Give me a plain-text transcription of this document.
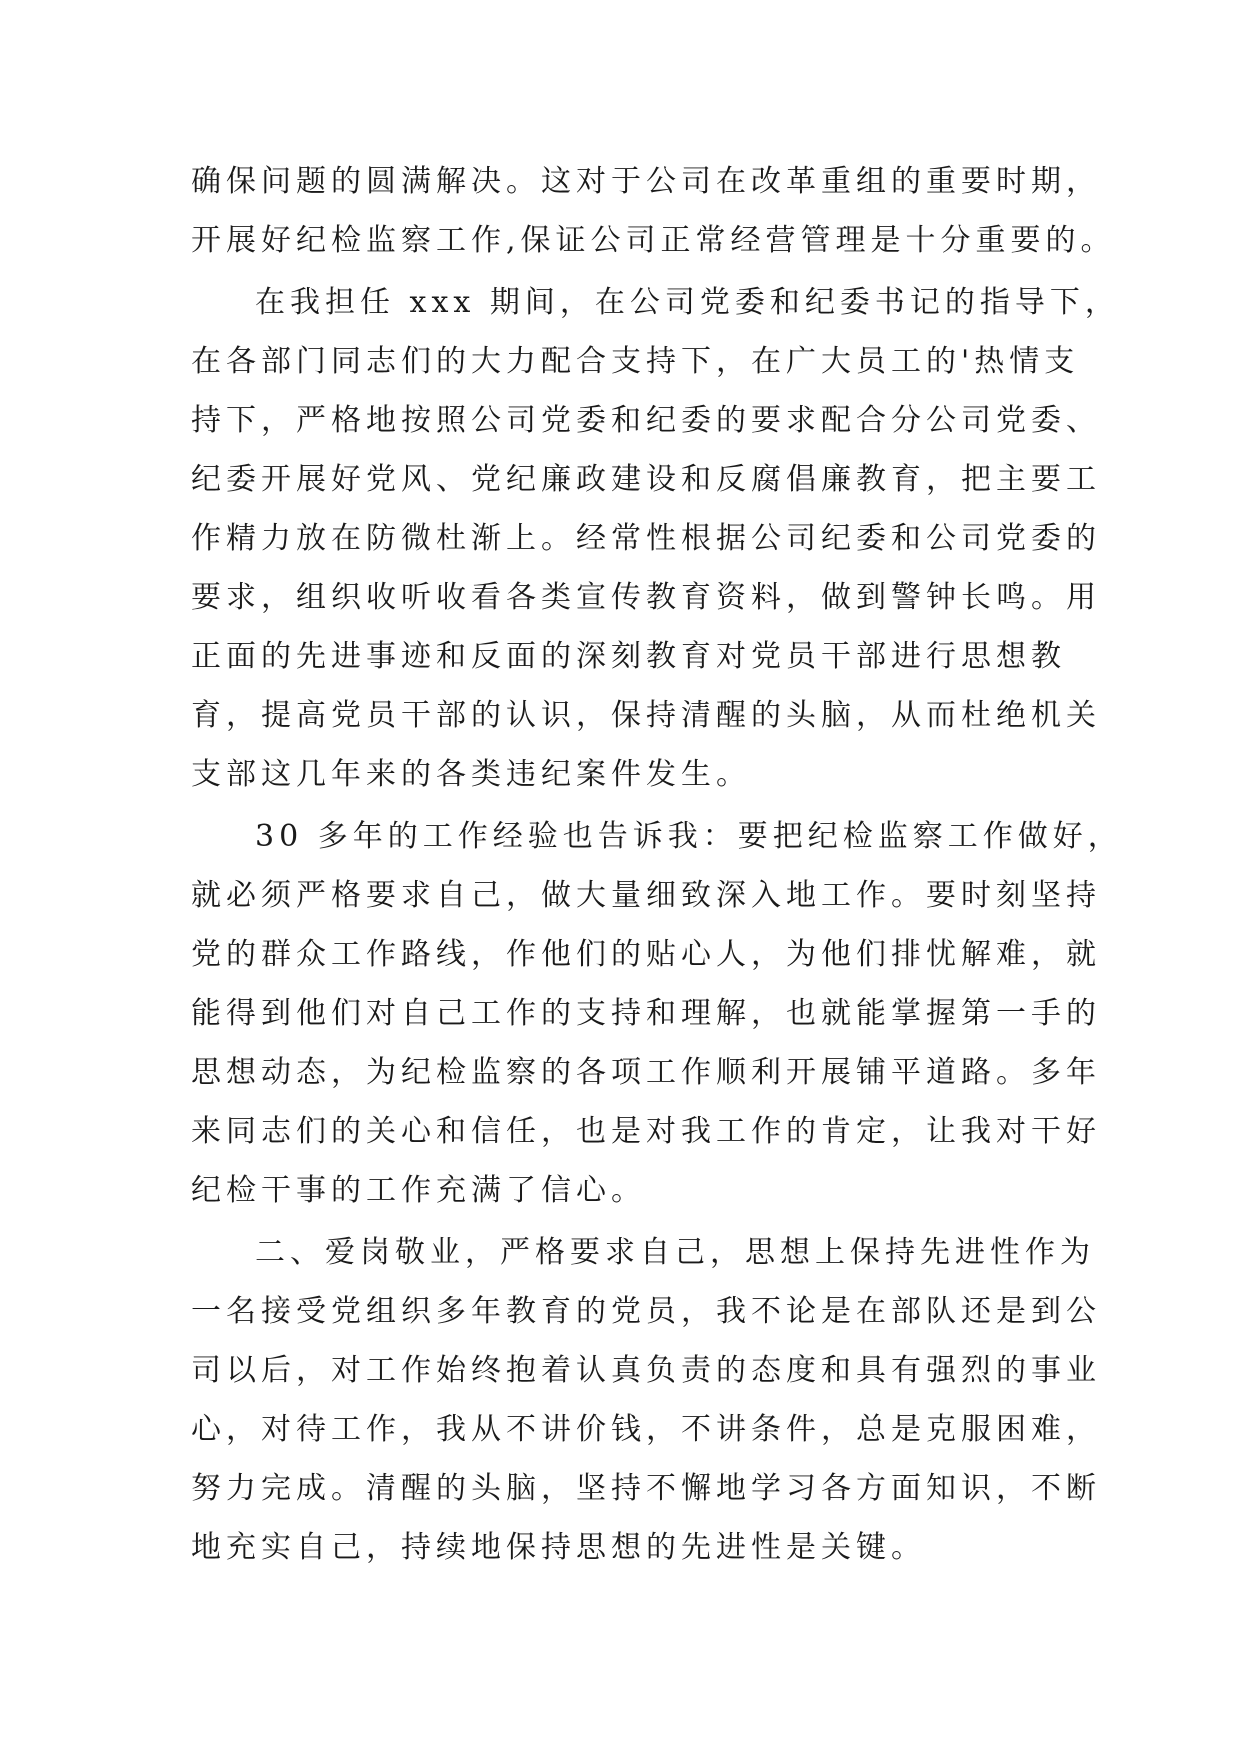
确保问题的圆满解决。这对于公司在改革重组的重要时期，
开展好纪检监察工作,保证公司正常经营管理是十分重要的。
在我担任 xxx 期间，在公司党委和纪委书记的指导下，
在各部门同志们的大力配合支持下，在广大员工的'热情支
持下，严格地按照公司党委和纪委的要求配合分公司党委、
纪委开展好党风、党纪廉政建设和反腐倡廉教育，把主要工
作精力放在防微杜渐上。经常性根据公司纪委和公司党委的
要求，组织收听收看各类宣传教育资料，做到警钟长鸣。用
正面的先进事迹和反面的深刻教育对党员干部进行思想教
育，提高党员干部的认识，保持清醒的头脑，从而杜绝机关
支部这几年来的各类违纪案件发生。
30 多年的工作经验也告诉我：要把纪检监察工作做好，
就必须严格要求自己，做大量细致深入地工作。要时刻坚持
党的群众工作路线，作他们的贴心人，为他们排忧解难，就
能得到他们对自己工作的支持和理解，也就能掌握第一手的
思想动态，为纪检监察的各项工作顺利开展铺平道路。多年
来同志们的关心和信任，也是对我工作的肯定，让我对干好
纪检干事的工作充满了信心。
二、爱岗敬业，严格要求自己，思想上保持先进性作为
一名接受党组织多年教育的党员，我不论是在部队还是到公
司以后，对工作始终抱着认真负责的态度和具有强烈的事业
心，对待工作，我从不讲价钱，不讲条件，总是克服困难，
努力完成。清醒的头脑，坚持不懈地学习各方面知识，不断
地充实自己，持续地保持思想的先进性是关键。
